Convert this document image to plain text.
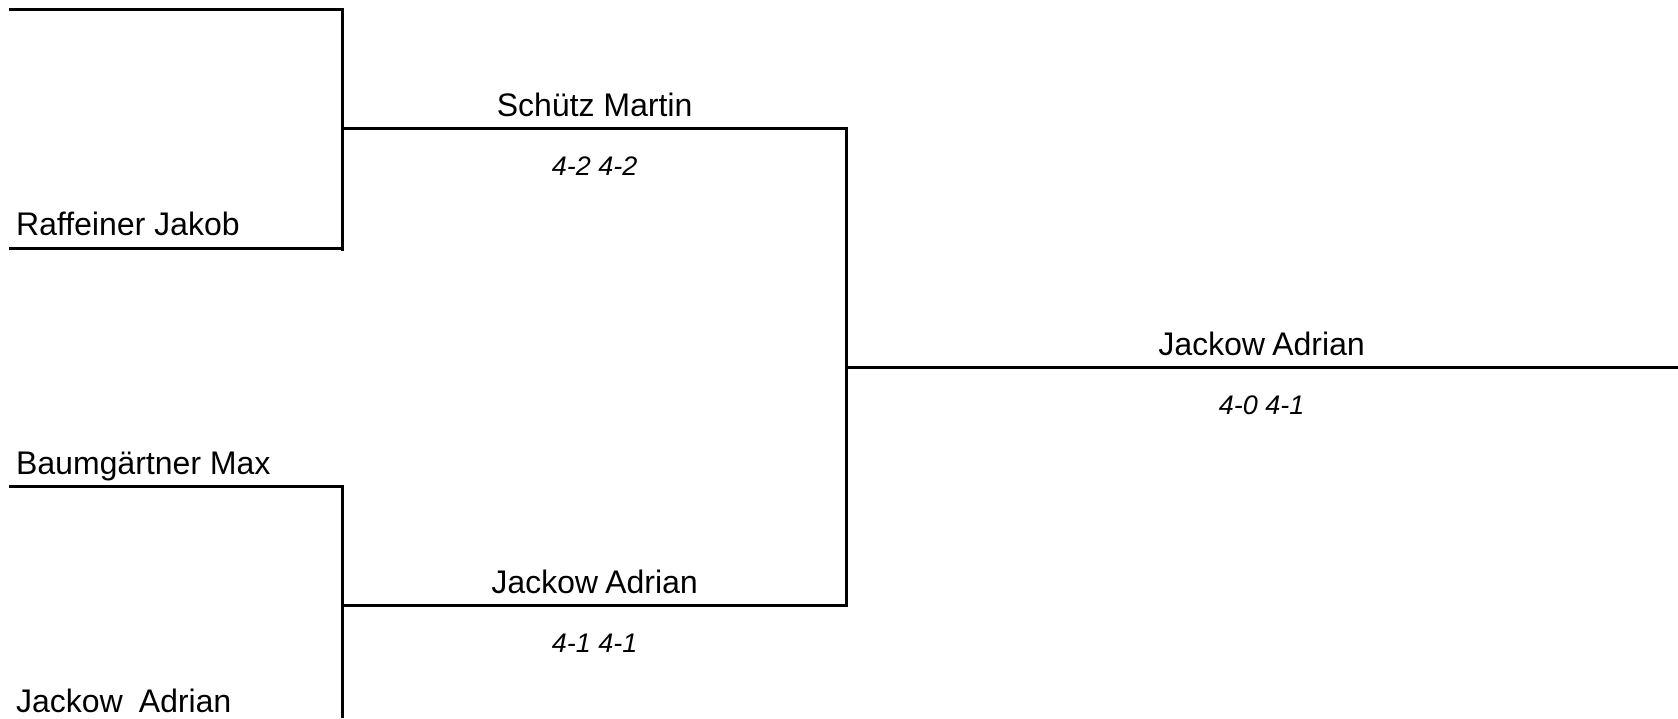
Raffeiner Jakob
Schütz Martin
4-2 4-2
Baumgärtner Max
Jackow  Adrian
Jackow Adrian
4-1 4-1
Jackow Adrian
4-0 4-1
